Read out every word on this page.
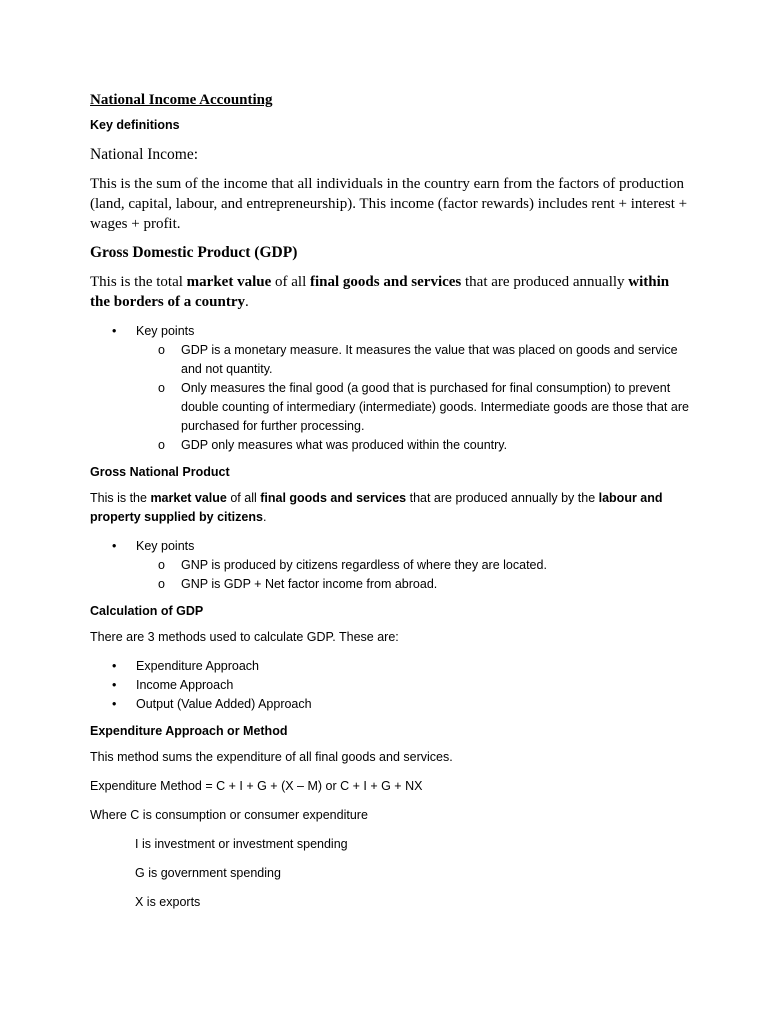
National Income Accounting
Key definitions
National Income:
This is the sum of the income that all individuals in the country earn from the factors of production (land, capital, labour, and entrepreneurship). This income (factor rewards) includes rent + interest + wages + profit.
Gross Domestic Product (GDP)
This is the total market value of all final goods and services that are produced annually within the borders of a country.
• Key points
o GDP is a monetary measure. It measures the value that was placed on goods and service and not quantity.
o Only measures the final good (a good that is purchased for final consumption) to prevent double counting of intermediary (intermediate) goods. Intermediate goods are those that are purchased for further processing.
o GDP only measures what was produced within the country.
Gross National Product
This is the market value of all final goods and services that are produced annually by the labour and property supplied by citizens.
• Key points
o GNP is produced by citizens regardless of where they are located.
o GNP is GDP + Net factor income from abroad.
Calculation of GDP
There are 3 methods used to calculate GDP. These are:
• Expenditure Approach
• Income Approach
• Output (Value Added) Approach
Expenditure Approach or Method
This method sums the expenditure of all final goods and services.
Expenditure Method = C + I + G + (X – M) or C + I + G + NX
Where C is consumption or consumer expenditure
I is investment or investment spending
G is government spending
X is exports
